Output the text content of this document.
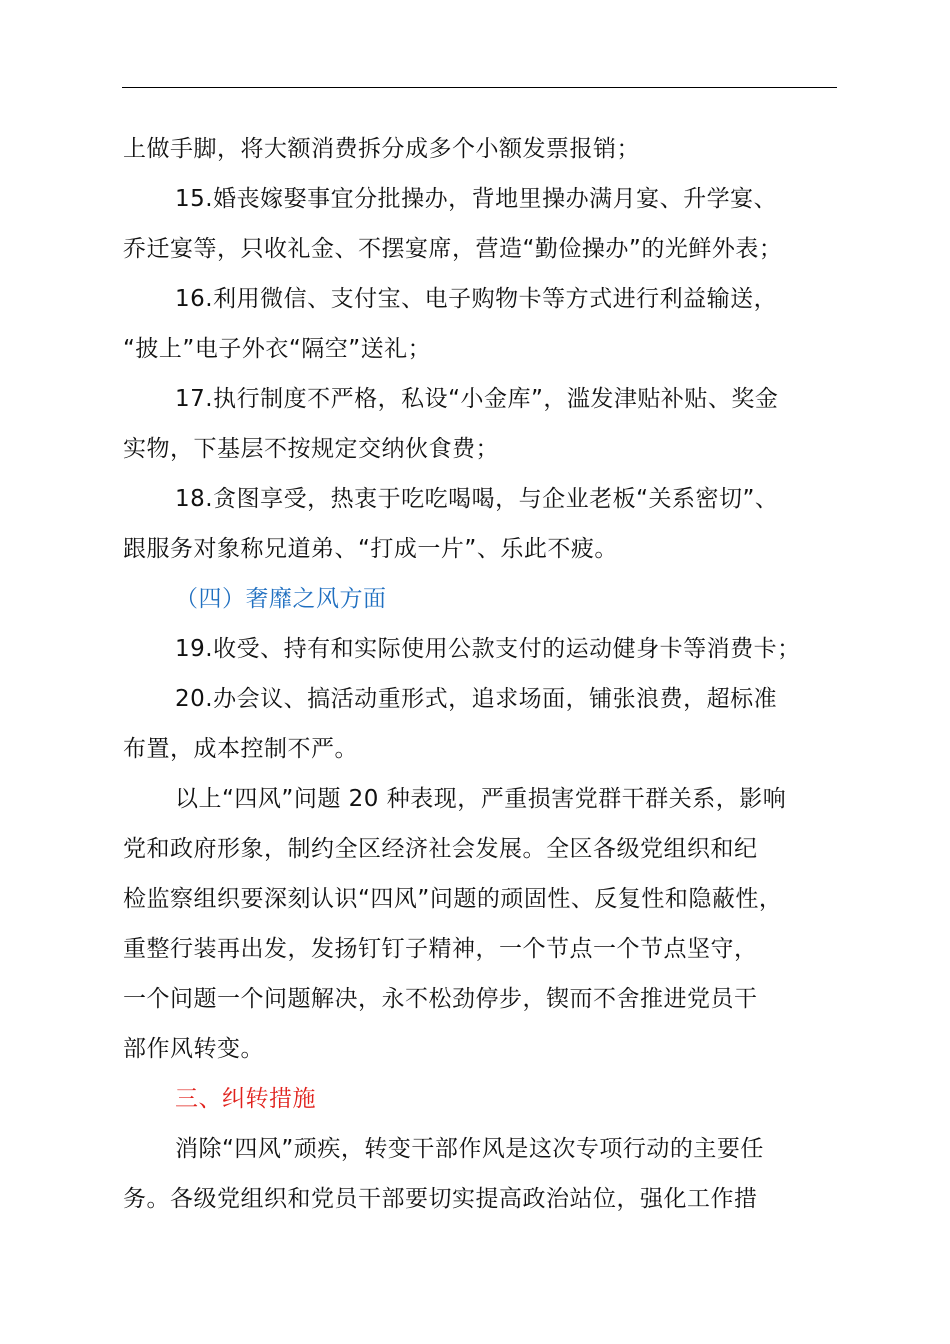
上做手脚，将大额消费拆分成多个小额发票报销；
15.婚丧嫁娶事宜分批操办，背地里操办满月宴、升学宴、
乔迁宴等，只收礼金、不摆宴席，营造“勤俭操办”的光鲜外表；
16.利用微信、支付宝、电子购物卡等方式进行利益输送，
“披上”电子外衣“隔空”送礼；
17.执行制度不严格，私设“小金库”，滥发津贴补贴、奖金
实物，下基层不按规定交纳伙食费；
18.贪图享受，热衷于吃吃喝喝，与企业老板“关系密切”、
跟服务对象称兄道弟、“打成一片”、乐此不疲。
（四）奢靡之风方面
19.收受、持有和实际使用公款支付的运动健身卡等消费卡；
20.办会议、搞活动重形式，追求场面，铺张浪费，超标准
布置，成本控制不严。
以上“四风”问题 20 种表现，严重损害党群干群关系，影响
党和政府形象，制约全区经济社会发展。全区各级党组织和纪
检监察组织要深刻认识“四风”问题的顽固性、反复性和隐蔽性，
重整行装再出发，发扬钉钉子精神，一个节点一个节点坚守，
一个问题一个问题解决，永不松劲停步，锲而不舍推进党员干
部作风转变。
三、纠转措施
消除“四风”顽疾，转变干部作风是这次专项行动的主要任
务。各级党组织和党员干部要切实提高政治站位，强化工作措
